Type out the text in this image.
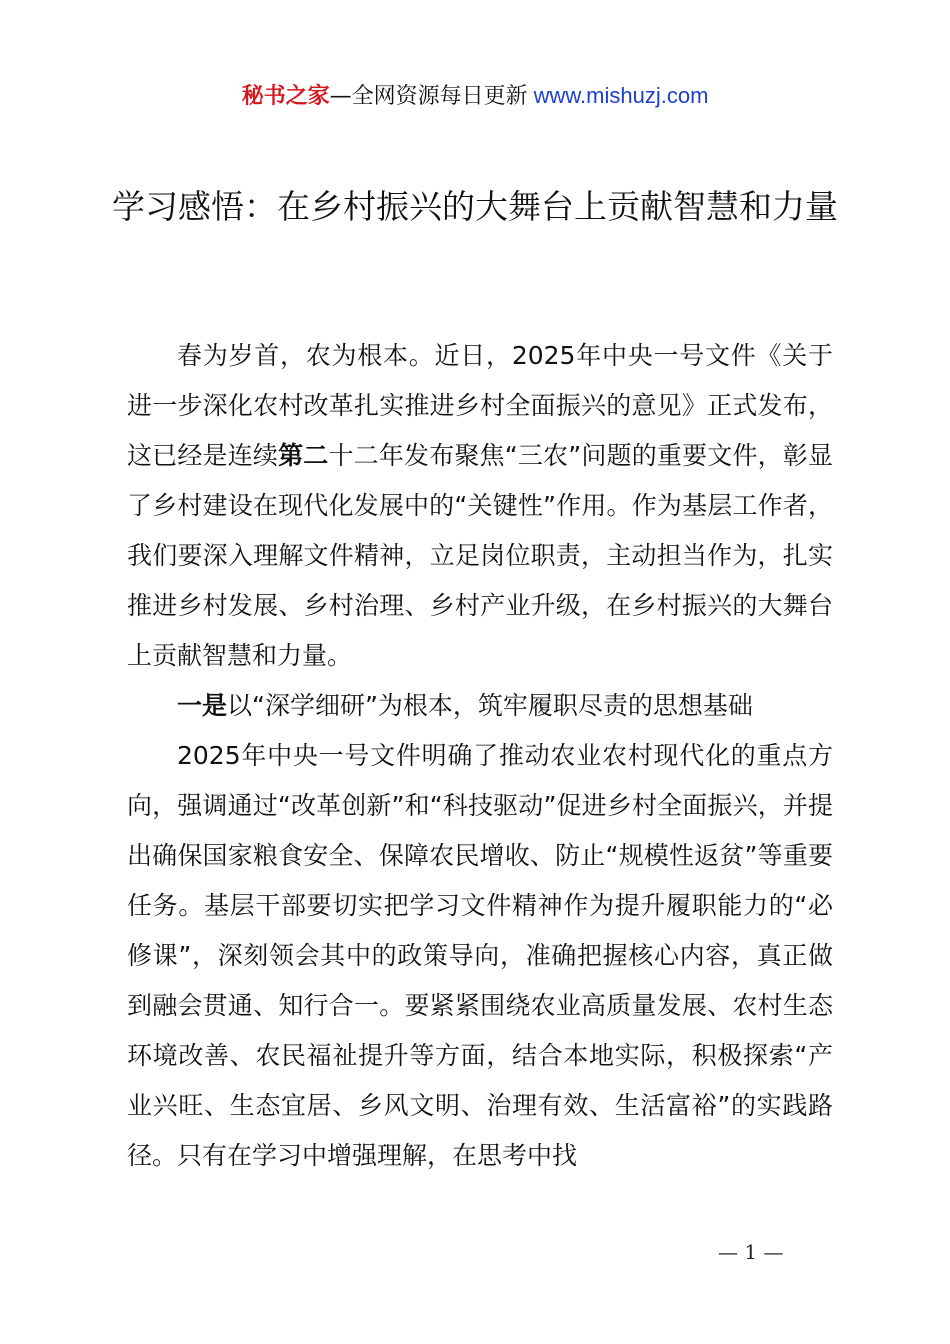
秘书之家—全网资源每日更新 www.mishuzj.com
学习感悟：在乡村振兴的大舞台上贡献智慧和力量

春为岁首，农为根本。近日，2025年中央一号文件《关于进一步深化农村改革扎实推进乡村全面振兴的意见》正式发布，这已经是连续第二十二年发布聚焦“三农”问题的重要文件，彰显了乡村建设在现代化发展中的“关键性”作用。作为基层工作者，我们要深入理解文件精神，立足岗位职责，主动担当作为，扎实推进乡村发展、乡村治理、乡村产业升级，在乡村振兴的大舞台上贡献智慧和力量。

一是以“深学细研”为根本，筑牢履职尽责的思想基础

2025年中央一号文件明确了推动农业农村现代化的重点方向，强调通过“改革创新”和“科技驱动”促进乡村全面振兴，并提出确保国家粮食安全、保障农民增收、防止“规模性返贫”等重要任务。基层干部要切实把学习文件精神作为提升履职能力的“必修课”，深刻领会其中的政策导向，准确把握核心内容，真正做到融会贯通、知行合一。要紧紧围绕农业高质量发展、农村生态环境改善、农民福祉提升等方面，结合本地实际，积极探索“产业兴旺、生态宜居、乡风文明、治理有效、生活富裕”的实践路径。只有在学习中增强理解，在思考中找

— 1 —
